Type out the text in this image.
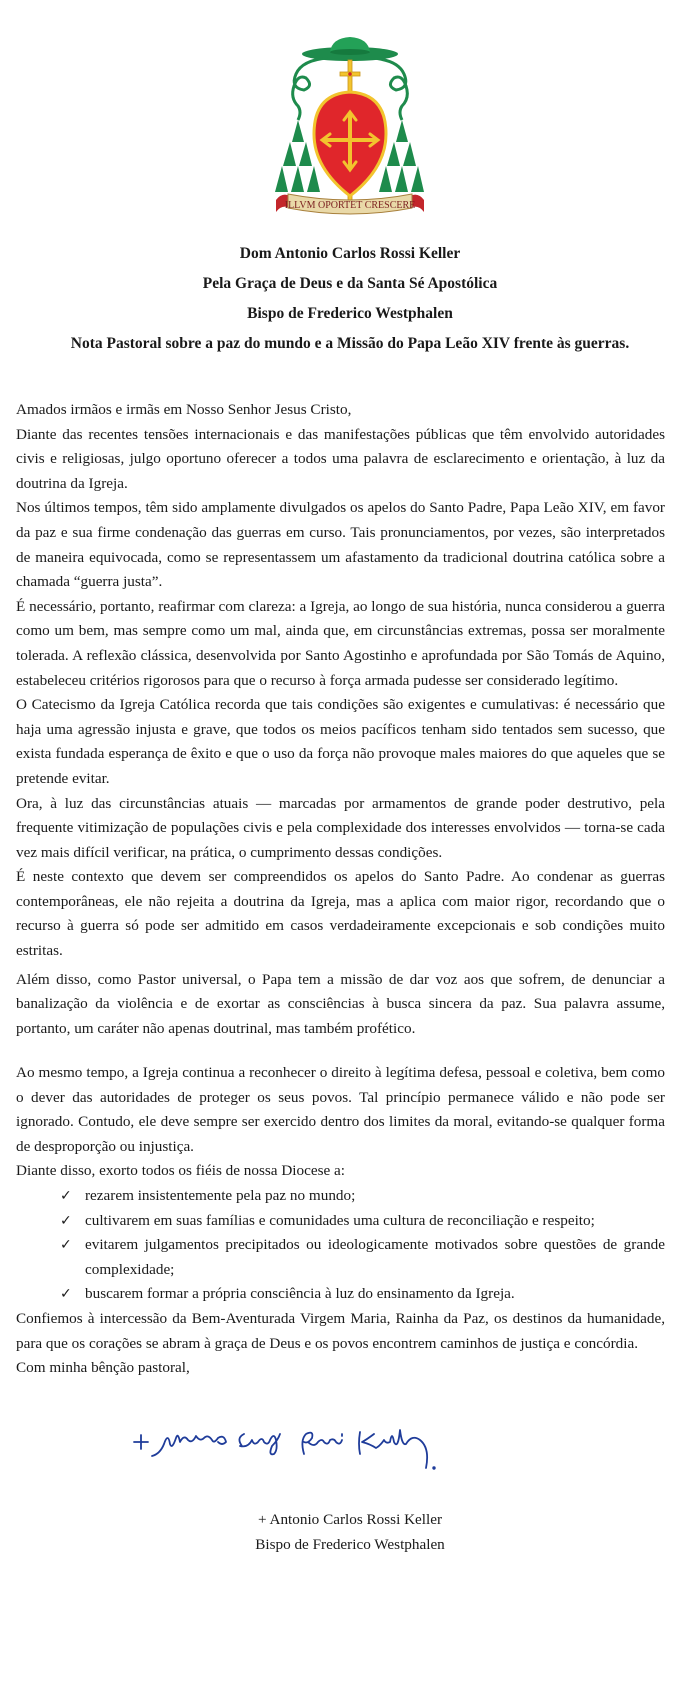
ILLVM OPORTET CRESCERE
Dom Antonio Carlos Rossi Keller
Pela Graça de Deus e da Santa Sé Apostólica
Bispo de Frederico Westphalen
Nota Pastoral sobre a paz do mundo e a Missão do Papa Leão XIV frente às guerras.

Amados irmãos e irmãs em Nosso Senhor Jesus Cristo,

Diante das recentes tensões internacionais e das manifestações públicas que têm envolvido autoridades civis e religiosas, julgo oportuno oferecer a todos uma palavra de esclarecimento e orientação, à luz da doutrina da Igreja.

Nos últimos tempos, têm sido amplamente divulgados os apelos do Santo Padre, Papa Leão XIV, em favor da paz e sua firme condenação das guerras em curso. Tais pronunciamentos, por vezes, são interpretados de maneira equivocada, como se representassem um afastamento da tradicional doutrina católica sobre a chamada “guerra justa”.

É necessário, portanto, reafirmar com clareza: a Igreja, ao longo de sua história, nunca considerou a guerra como um bem, mas sempre como um mal, ainda que, em circunstâncias extremas, possa ser moralmente tolerada. A reflexão clássica, desenvolvida por Santo Agostinho e aprofundada por São Tomás de Aquino, estabeleceu critérios rigorosos para que o recurso à força armada pudesse ser considerado legítimo.

O Catecismo da Igreja Católica recorda que tais condições são exigentes e cumulativas: é necessário que haja uma agressão injusta e grave, que todos os meios pacíficos tenham sido tentados sem sucesso, que exista fundada esperança de êxito e que o uso da força não provoque males maiores do que aqueles que se pretende evitar.

Ora, à luz das circunstâncias atuais — marcadas por armamentos de grande poder destrutivo, pela frequente vitimização de populações civis e pela complexidade dos interesses envolvidos — torna-se cada vez mais difícil verificar, na prática, o cumprimento dessas condições.

É neste contexto que devem ser compreendidos os apelos do Santo Padre. Ao condenar as guerras contemporâneas, ele não rejeita a doutrina da Igreja, mas a aplica com maior rigor, recordando que o recurso à guerra só pode ser admitido em casos verdadeiramente excepcionais e sob condições muito estritas.

Além disso, como Pastor universal, o Papa tem a missão de dar voz aos que sofrem, de denunciar a banalização da violência e de exortar as consciências à busca sincera da paz. Sua palavra assume, portanto, um caráter não apenas doutrinal, mas também profético.

Ao mesmo tempo, a Igreja continua a reconhecer o direito à legítima defesa, pessoal e coletiva, bem como o dever das autoridades de proteger os seus povos. Tal princípio permanece válido e não pode ser ignorado. Contudo, ele deve sempre ser exercido dentro dos limites da moral, evitando-se qualquer forma de desproporção ou injustiça.

Diante disso, exorto todos os fiéis de nossa Diocese a:

✓ rezarem insistentemente pela paz no mundo;
✓ cultivarem em suas famílias e comunidades uma cultura de reconciliação e respeito;
✓ evitarem julgamentos precipitados ou ideologicamente motivados sobre questões de grande complexidade;
✓ buscarem formar a própria consciência à luz do ensinamento da Igreja.

Confiemos à intercessão da Bem-Aventurada Virgem Maria, Rainha da Paz, os destinos da humanidade, para que os corações se abram à graça de Deus e os povos encontrem caminhos de justiça e concórdia.

Com minha bênção pastoral,

+ Antonio Carlos Rossi Keller
Bispo de Frederico Westphalen
